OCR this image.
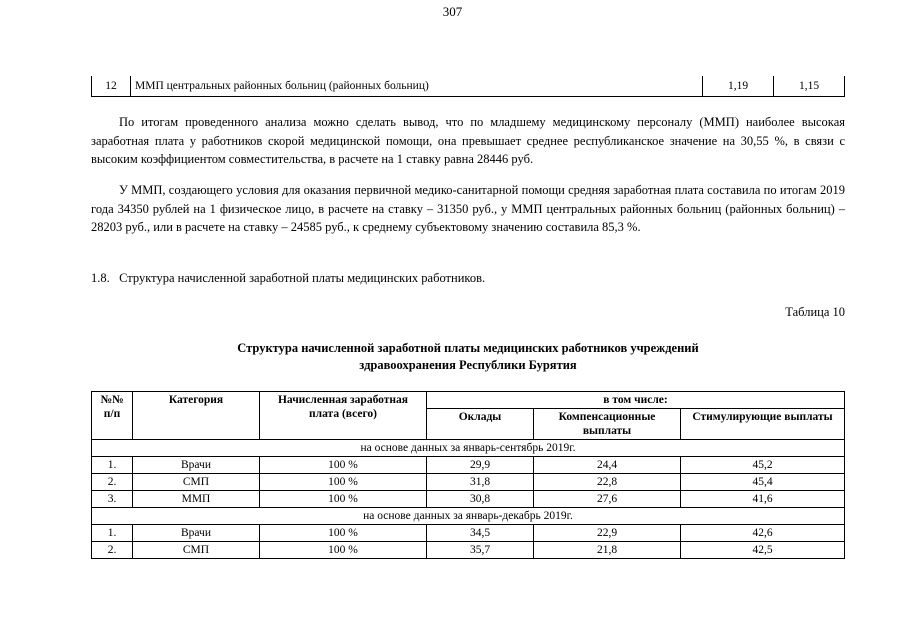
307
12	ММП центральных районных больниц (районных больниц)	1,19	1,15
По итогам проведенного анализа можно сделать вывод, что по младшему медицинскому персоналу (ММП) наиболее высокая заработная плата у работников скорой медицинской помощи, она превышает среднее республиканское значение на 30,55 %, в связи с высоким коэффициентом совместительства, в расчете на 1 ставку равна 28446 руб.
У ММП, создающего условия для оказания первичной медико-санитарной помощи средняя заработная плата составила по итогам 2019 года 34350 рублей на 1 физическое лицо, в расчете на ставку – 31350 руб., у ММП центральных районных больниц (районных больниц) – 28203 руб., или в расчете на ставку – 24585 руб., к среднему субъектовому значению составила 85,3 %.
1.8. Структура начисленной заработной платы медицинских работников.
Таблица 10
Структура начисленной заработной платы медицинских работников учреждений
здравоохранения Республики Бурятия
№№ п/п	Категория	Начисленная заработная плата (всего)	в том числе:		
			Оклады	Компенсационные выплаты	Стимулирующие выплаты
на основе данных за январь-сентябрь 2019г.					
1.	Врачи	100 %	29,9	24,4	45,2
2.	СМП	100 %	31,8	22,8	45,4
3.	ММП	100 %	30,8	27,6	41,6
на основе данных за январь-декабрь 2019г.					
1.	Врачи	100 %	34,5	22,9	42,6
2.	СМП	100 %	35,7	21,8	42,5
